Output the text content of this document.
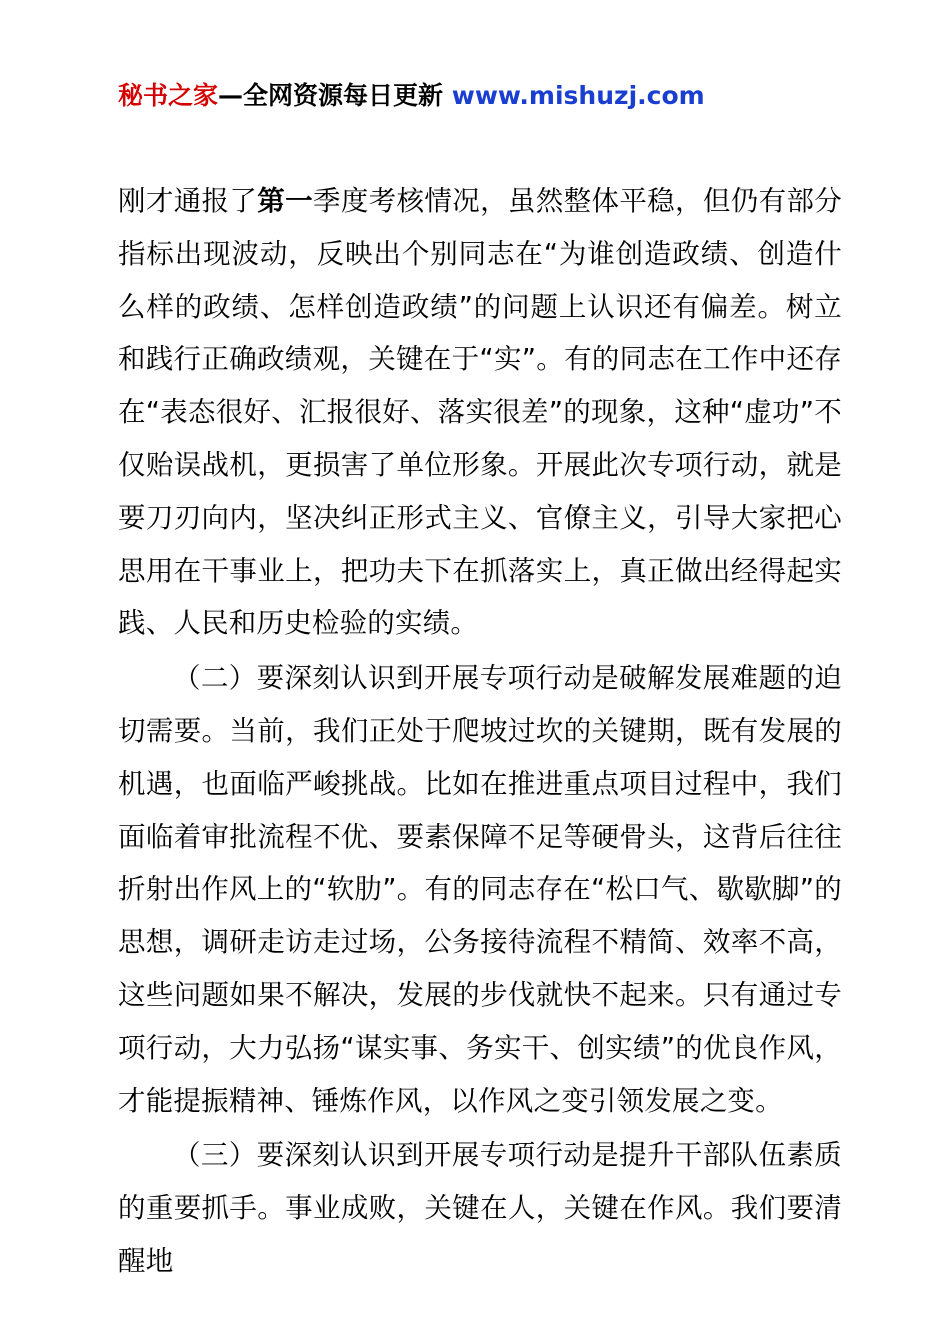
秘书之家—全网资源每日更新 www.mishuzj.com

刚才通报了第一季度考核情况，虽然整体平稳，但仍有部分指标出现波动，反映出个别同志在“为谁创造政绩、创造什么样的政绩、怎样创造政绩”的问题上认识还有偏差。树立和践行正确政绩观，关键在于“实”。有的同志在工作中还存在“表态很好、汇报很好、落实很差”的现象，这种“虚功”不仅贻误战机，更损害了单位形象。开展此次专项行动，就是要刀刃向内，坚决纠正形式主义、官僚主义，引导大家把心思用在干事业上，把功夫下在抓落实上，真正做出经得起实践、人民和历史检验的实绩。

（二）要深刻认识到开展专项行动是破解发展难题的迫切需要。当前，我们正处于爬坡过坎的关键期，既有发展的机遇，也面临严峻挑战。比如在推进重点项目过程中，我们面临着审批流程不优、要素保障不足等硬骨头，这背后往往折射出作风上的“软肋”。有的同志存在“松口气、歇歇脚”的思想，调研走访走过场，公务接待流程不精简、效率不高，这些问题如果不解决，发展的步伐就快不起来。只有通过专项行动，大力弘扬“谋实事、务实干、创实绩”的优良作风，才能提振精神、锤炼作风，以作风之变引领发展之变。

（三）要深刻认识到开展专项行动是提升干部队伍素质的重要抓手。事业成败，关键在人，关键在作风。我们要清醒地
